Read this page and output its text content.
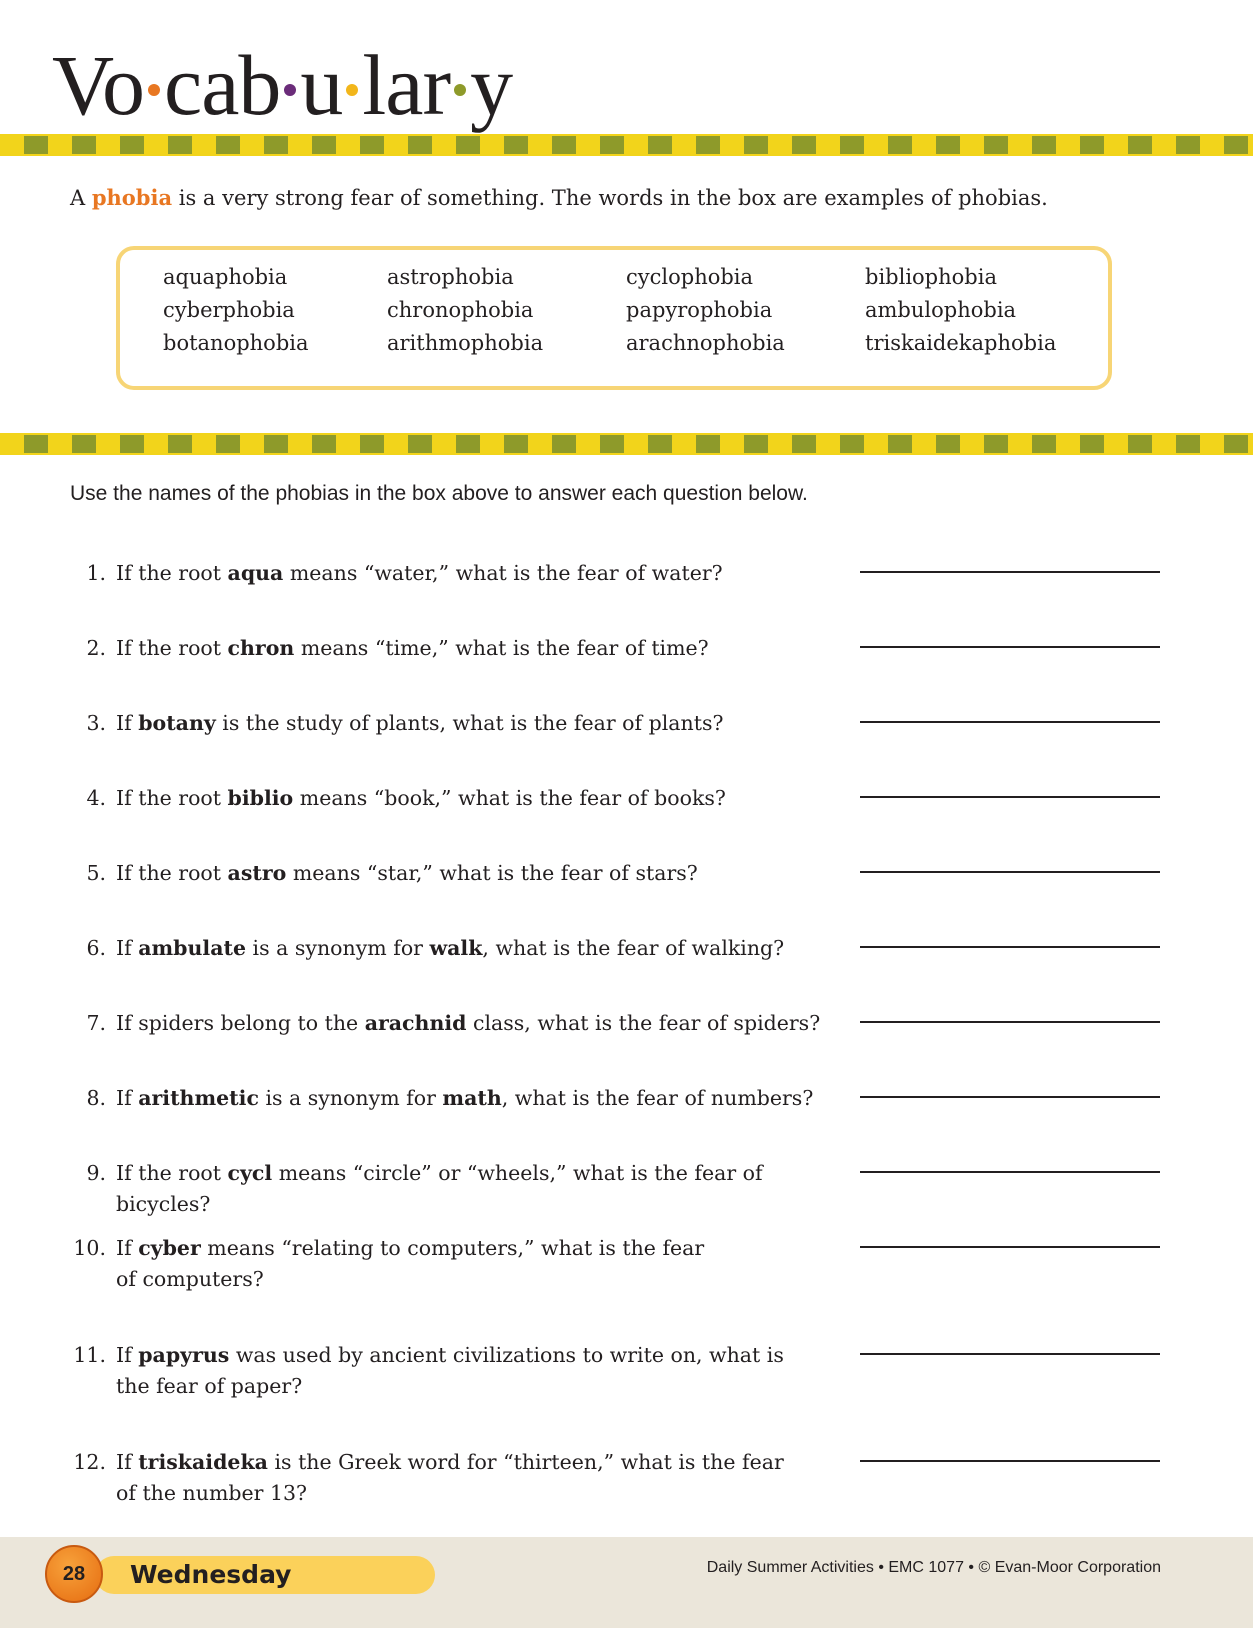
Vo cab u lar y
A phobia is a very strong fear of something. The words in the box are examples of phobias.
aquaphobia
cyberphobia
botanophobia
astrophobia
chronophobia
arithmophobia
cyclophobia
papyrophobia
arachnophobia
bibliophobia
ambulophobia
triskaidekaphobia
Use the names of the phobias in the box above to answer each question below.
1. If the root aqua means “water,” what is the fear of water?
2. If the root chron means “time,” what is the fear of time?
3. If botany is the study of plants, what is the fear of plants?
4. If the root biblio means “book,” what is the fear of books?
5. If the root astro means “star,” what is the fear of stars?
6. If ambulate is a synonym for walk, what is the fear of walking?
7. If spiders belong to the arachnid class, what is the fear of spiders?
8. If arithmetic is a synonym for math, what is the fear of numbers?
9. If the root cycl means “circle” or “wheels,” what is the fear of bicycles?
10. If cyber means “relating to computers,” what is the fear of computers?
11. If papyrus was used by ancient civilizations to write on, what is the fear of paper?
12. If triskaideka is the Greek word for “thirteen,” what is the fear of the number 13?
28	Wednesday	Daily Summer Activities • EMC 1077 • © Evan-Moor Corporation
